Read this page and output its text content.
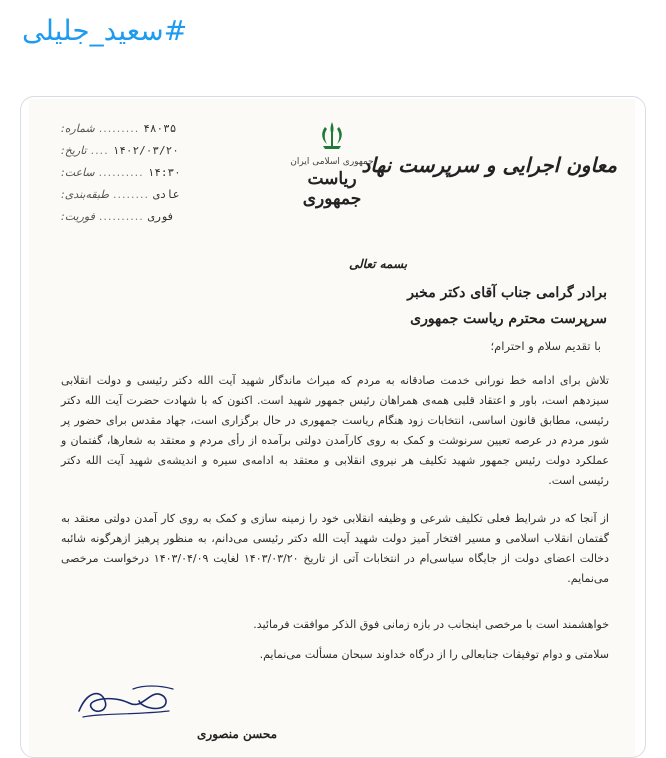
#سعید_جلیلی
شماره: ......... ۴۸۰۳۵
تاریخ: .... ۱۴۰۲/۰۳/۲۰
ساعت: .......... ۱۴:۳۰
طبقه‌بندی: ........ عادی
فوریت: .......... فوری
جمهوری اسلامی ایران
ریاست جمهوری
معاون اجرایی و سرپرست نهاد
بسمه تعالی
برادر گرامی جناب آقای دکتر مخبر
سرپرست محترم ریاست جمهوری
با تقدیم سلام و احترام؛
تلاش برای ادامه خط نورانی خدمت صادقانه به مردم که میراث ماندگار شهید آیت الله دکتر رئیسی و دولت انقلابی سیزدهم است، باور و اعتقاد قلبی همه‌ی همراهان رئیس جمهور شهید است. اکنون که با شهادت حضرت آیت الله دکتر رئیسی، مطابق قانون اساسی، انتخابات زود هنگام ریاست جمهوری در حال برگزاری است، جهاد مقدس برای حضور پر شور مردم در عرصه تعیین سرنوشت و کمک به روی کارآمدن دولتی برآمده از رأی مردم و معتقد به شعارها، گفتمان و عملکرد دولت رئیس جمهور شهید تکلیف هر نیروی انقلابی و معتقد به ادامه‌ی سیره و اندیشه‌ی شهید آیت الله دکتر رئیسی است.
از آنجا که در شرایط فعلی تکلیف شرعی و وظیفه انقلابی خود را زمینه سازی و کمک به روی کار آمدن دولتی معتقد به گفتمان انقلاب اسلامی و مسیر افتخار آمیز دولت شهید آیت الله دکتر رئیسی می‌دانم، به منظور پرهیز ازهرگونه شائبه دخالت اعضای دولت از جایگاه سیاسی‌ام در انتخابات آتی از تاریخ ۱۴۰۳/۰۳/۲۰ لغایت ۱۴۰۳/۰۴/۰۹ درخواست مرخصی می‌نمایم.
خواهشمند است با مرخصی اینجانب در بازه زمانی فوق الذکر موافقت فرمائید.
سلامتی و دوام توفیقات جنابعالی را از درگاه خداوند سبحان مسألت می‌نمایم.
محسن منصوری
